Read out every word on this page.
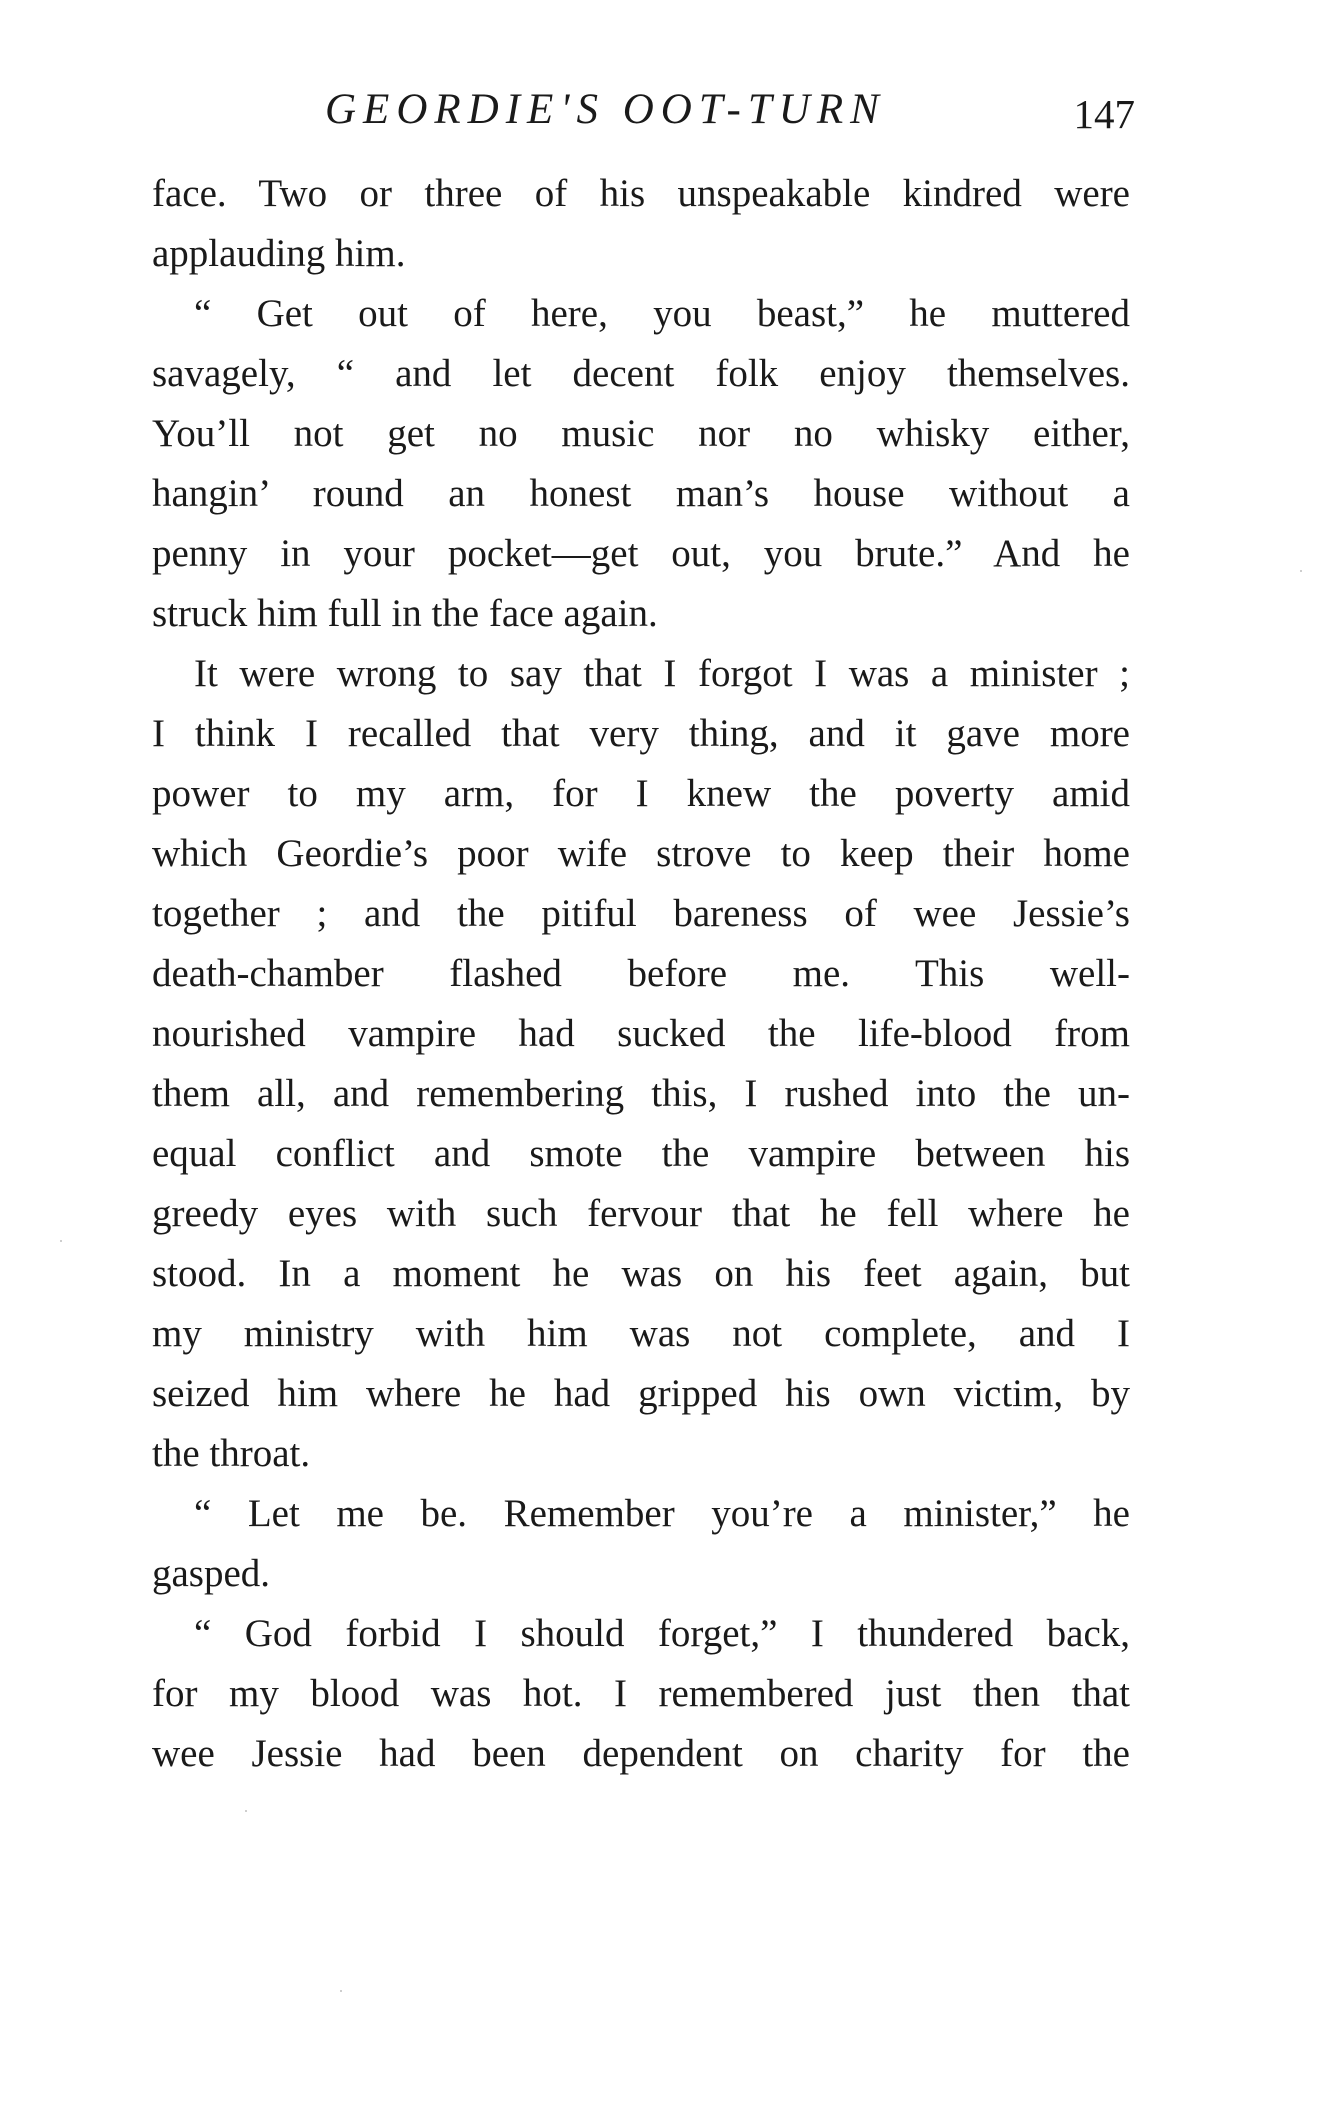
GEORDIE'S OOT-TURN	147
face. Two or three of his unspeakable kindred were
applauding him.
“ Get out of here, you beast,” he muttered
savagely, “ and let decent folk enjoy themselves.
You’ll not get no music nor no whisky either,
hangin’ round an honest man’s house without a
penny in your pocket—get out, you brute.” And he
struck him full in the face again.
It were wrong to say that I forgot I was a minister ;
I think I recalled that very thing, and it gave more
power to my arm, for I knew the poverty amid
which Geordie’s poor wife strove to keep their home
together ; and the pitiful bareness of wee Jessie’s
death-chamber flashed before me. This well-
nourished vampire had sucked the life-blood from
them all, and remembering this, I rushed into the un-
equal conflict and smote the vampire between his
greedy eyes with such fervour that he fell where he
stood. In a moment he was on his feet again, but
my ministry with him was not complete, and I
seized him where he had gripped his own victim, by
the throat.
“ Let me be. Remember you’re a minister,” he
gasped.
“ God forbid I should forget,” I thundered back,
for my blood was hot. I remembered just then that
wee Jessie had been dependent on charity for the
